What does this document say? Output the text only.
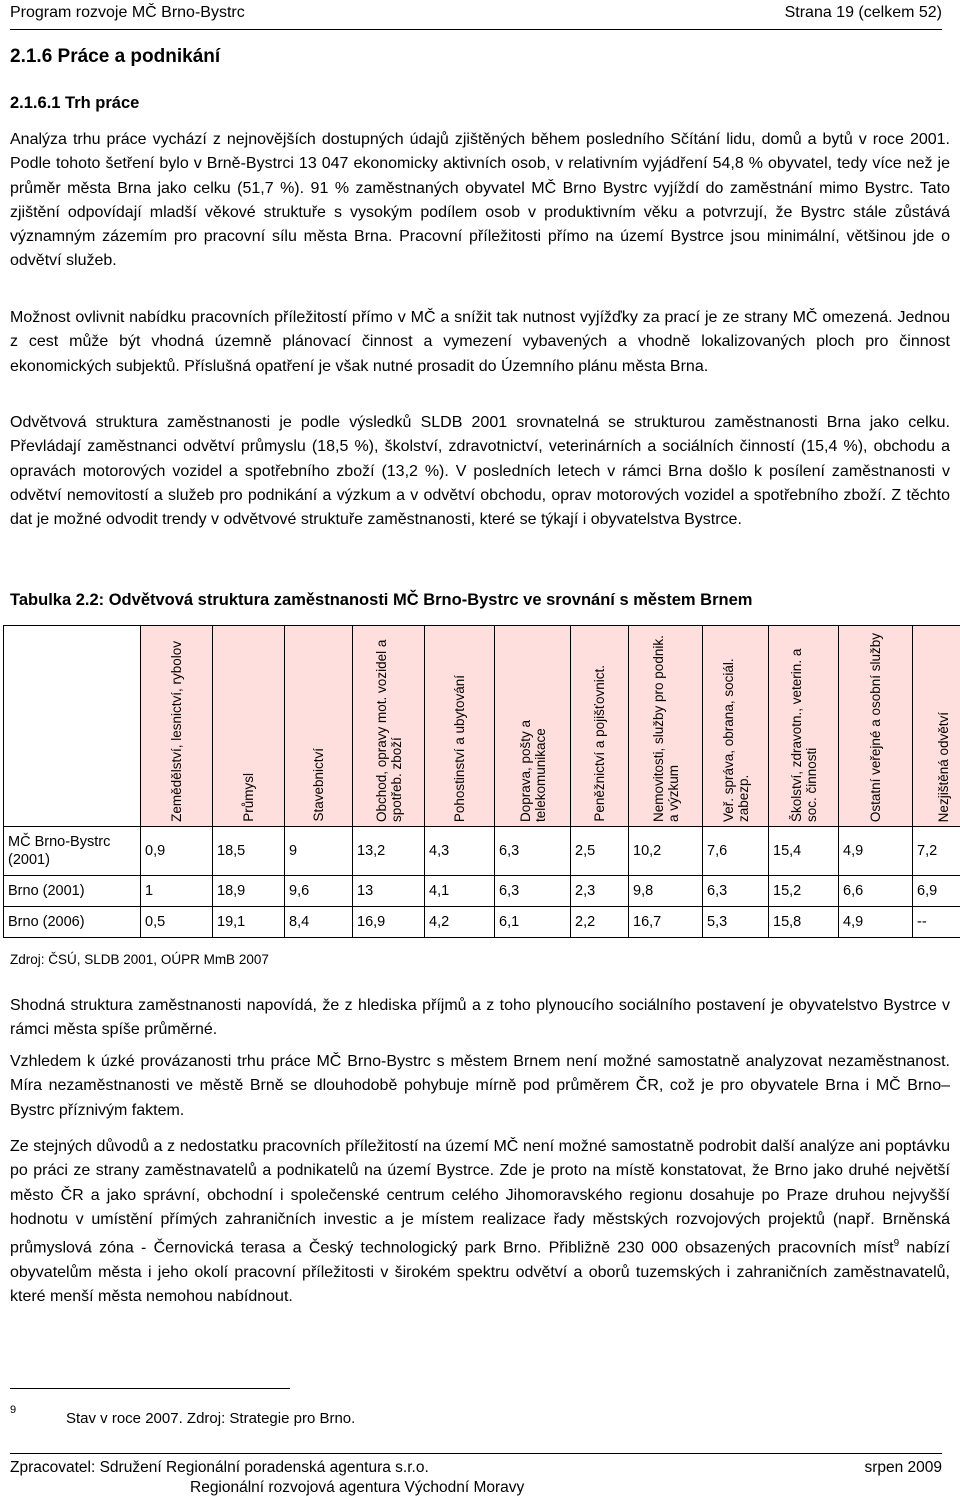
Program rozvoje MČ Brno-Bystrc	Strana 19 (celkem 52)
2.1.6 Práce a podnikání
2.1.6.1 Trh práce

Analýza trhu práce vychází z nejnovějších dostupných údajů zjištěných během posledního Sčítání lidu, domů a bytů v roce 2001. Podle tohoto šetření bylo v Brně-Bystrci 13 047 ekonomicky aktivních osob, v relativním vyjádření 54,8 % obyvatel, tedy více než je průměr města Brna jako celku (51,7 %). 91 % zaměstnaných obyvatel MČ Brno Bystrc vyjíždí do zaměstnání mimo Bystrc. Tato zjištění odpovídají mladší věkové struktuře s vysokým podílem osob v produktivním věku a potvrzují, že Bystrc stále zůstává významným zázemím pro pracovní sílu města Brna. Pracovní příležitosti přímo na území Bystrce jsou minimální, většinou jde o odvětví služeb.

Možnost ovlivnit nabídku pracovních příležitostí přímo v MČ a snížit tak nutnost vyjížďky za prací je ze strany MČ omezená. Jednou z cest může být vhodná územně plánovací činnost a vymezení vybavených a vhodně lokalizovaných ploch pro činnost ekonomických subjektů. Příslušná opatření je však nutné prosadit do Územního plánu města Brna.

Odvětvová struktura zaměstnanosti je podle výsledků SLDB 2001 srovnatelná se strukturou zaměstnanosti Brna jako celku. Převládají zaměstnanci odvětví průmyslu (18,5 %), školství, zdravotnictví, veterinárních a sociálních činností (15,4 %), obchodu a opravách motorových vozidel a spotřebního zboží (13,2 %). V posledních letech v rámci Brna došlo k posílení zaměstnanosti v odvětví nemovitostí a služeb pro podnikání a výzkum a v odvětví obchodu, oprav motorových vozidel a spotřebního zboží. Z těchto dat je možné odvodit trendy v odvětvové struktuře zaměstnanosti, které se týkají i obyvatelstva Bystrce.

Tabulka 2.2: Odvětvová struktura zaměstnanosti MČ Brno-Bystrc ve srovnání s městem Brnem

	Zemědělství, lesnictví, rybolov	Průmysl	Stavebnictví	Obchod, opravy mot. vozidel a spotřeb. zboží	Pohostinství a ubytování	Doprava, pošty a telekomunikace	Peněžnictví a pojišťovnict.	Nemovitosti, služby pro podnik. a výzkum	Veř. správa, obrana, sociál. zabezp.	Školství, zdravotn., veterin. a soc. činnosti	Ostatní veřejné a osobní služby	Nezjištěná odvětví

MČ Brno-Bystrc (2001)	0,9	18,5	9	13,2	4,3	6,3	2,5	10,2	7,6	15,4	4,9	7,2
Brno (2001)	1	18,9	9,6	13	4,1	6,3	2,3	9,8	6,3	15,2	6,6	6,9
Brno (2006)	0,5	19,1	8,4	16,9	4,2	6,1	2,2	16,7	5,3	15,8	4,9	--
Zdroj: ČSÚ, SLDB 2001, OÚPR MmB 2007

Shodná struktura zaměstnanosti napovídá, že z hlediska příjmů a z toho plynoucího sociálního postavení je obyvatelstvo Bystrce v rámci města spíše průměrné.

Vzhledem k úzké provázanosti trhu práce MČ Brno-Bystrc s městem Brnem není možné samostatně analyzovat nezaměstnanost. Míra nezaměstnanosti ve městě Brně se dlouhodobě pohybuje mírně pod průměrem ČR, což je pro obyvatele Brna i MČ Brno–Bystrc příznivým faktem.

Ze stejných důvodů a z nedostatku pracovních příležitostí na území MČ není možné samostatně podrobit další analýze ani poptávku po práci ze strany zaměstnavatelů a podnikatelů na území Bystrce. Zde je proto na místě konstatovat, že Brno jako druhé největší město ČR a jako správní, obchodní i společenské centrum celého Jihomoravského regionu dosahuje po Praze druhou nejvyšší hodnotu v umístění přímých zahraničních investic a je místem realizace řady městských rozvojových projektů (např. Brněnská průmyslová zóna - Černovická terasa a Český technologický park Brno. Přibližně 230 000 obsazených pracovních míst$^9$ nabízí obyvatelům města i jeho okolí pracovní příležitosti v širokém spektru odvětví a oborů tuzemských i zahraničních zaměstnavatelů, které menší města nemohou nabídnout.

9	Stav v roce 2007. Zdroj: Strategie pro Brno.
Zpracovatel: Sdružení Regionální poradenská agentura s.r.o.	srpen 2009
Regionální rozvojová agentura Východní Moravy
